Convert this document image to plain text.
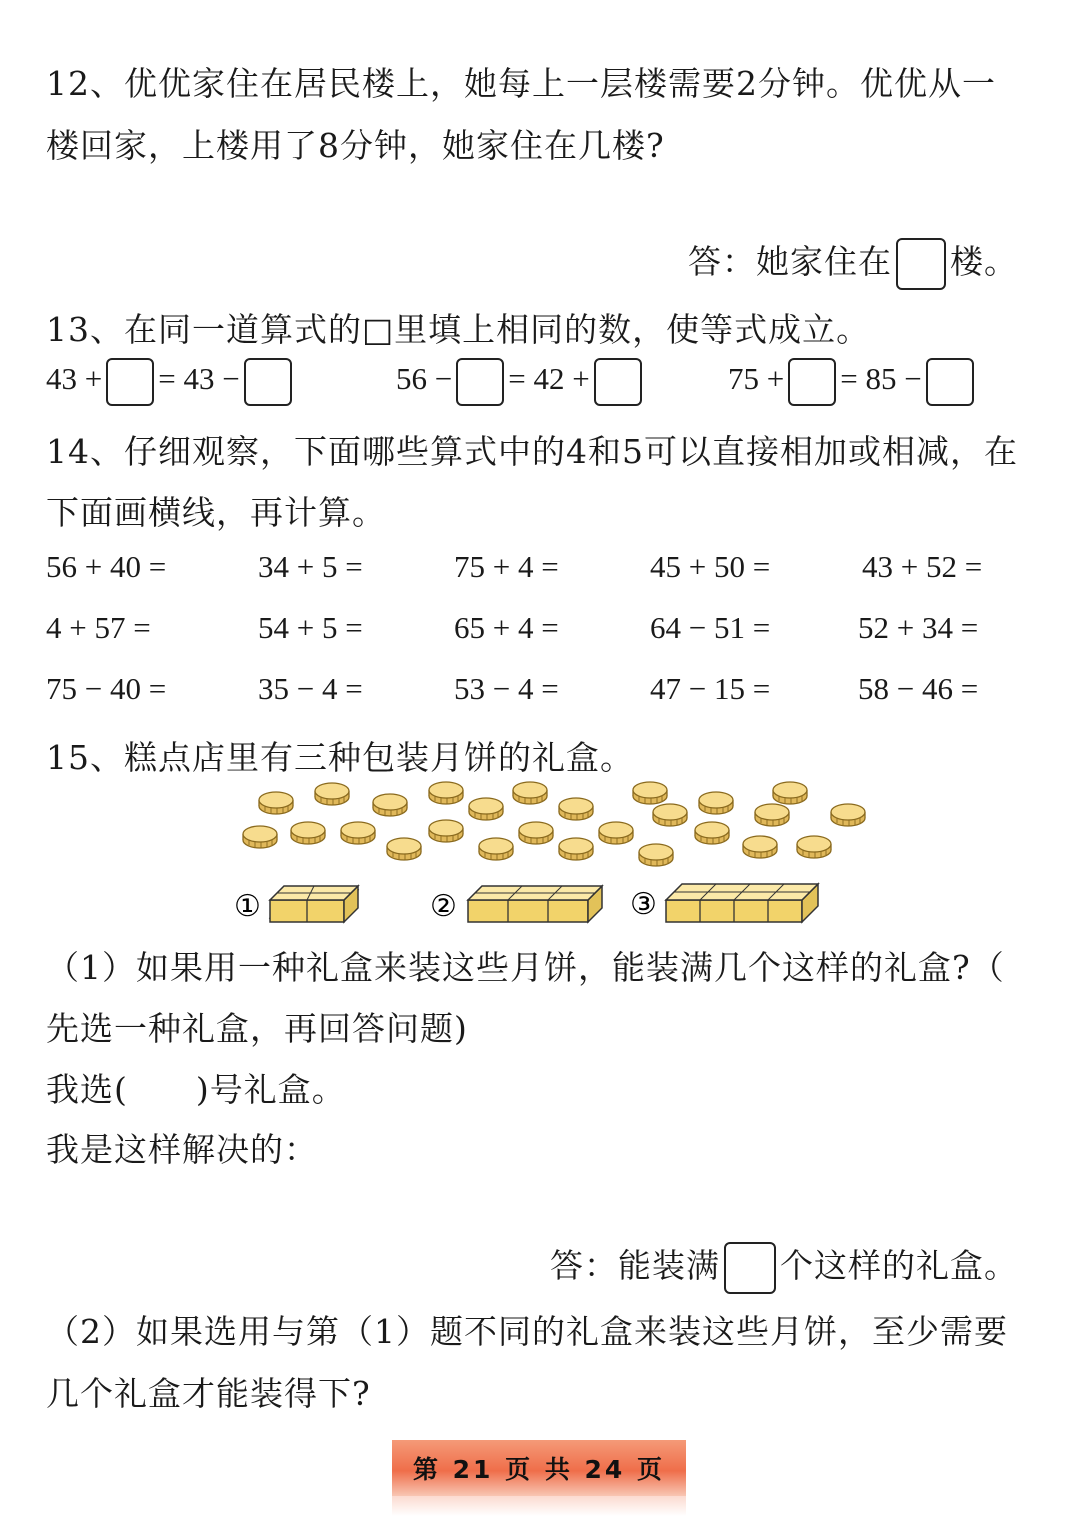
12、优优家住在居民楼上，她每上一层楼需要2分钟。优优从一
楼回家，上楼用了8分钟，她家住在几楼?
答：她家住在 楼。
13、在同一道算式的□里填上相同的数，使等式成立。
43 + = 43 −	56 − = 42 +	75 + = 85 −
14、仔细观察，下面哪些算式中的4和5可以直接相加或相减，在
下面画横线，再计算。
56 + 40 =	34 + 5 =	75 + 4 =	45 + 50 =	43 + 52 =
4 + 57 =	54 + 5 =	65 + 4 =	64 − 51 =	52 + 34 =
75 − 40 =	35 − 4 =	53 − 4 =	47 − 15 =	58 − 46 =
15、糕点店里有三种包装月饼的礼盒。
①	②	③
（1）如果用一种礼盒来装这些月饼，能装满几个这样的礼盒?（
先选一种礼盒，再回答问题)
我选(　　)号礼盒。
我是这样解决的：
答：能装满 个这样的礼盒。
（2）如果选用与第（1）题不同的礼盒来装这些月饼，至少需要
几个礼盒才能装得下?
第 21 页 共 24 页
